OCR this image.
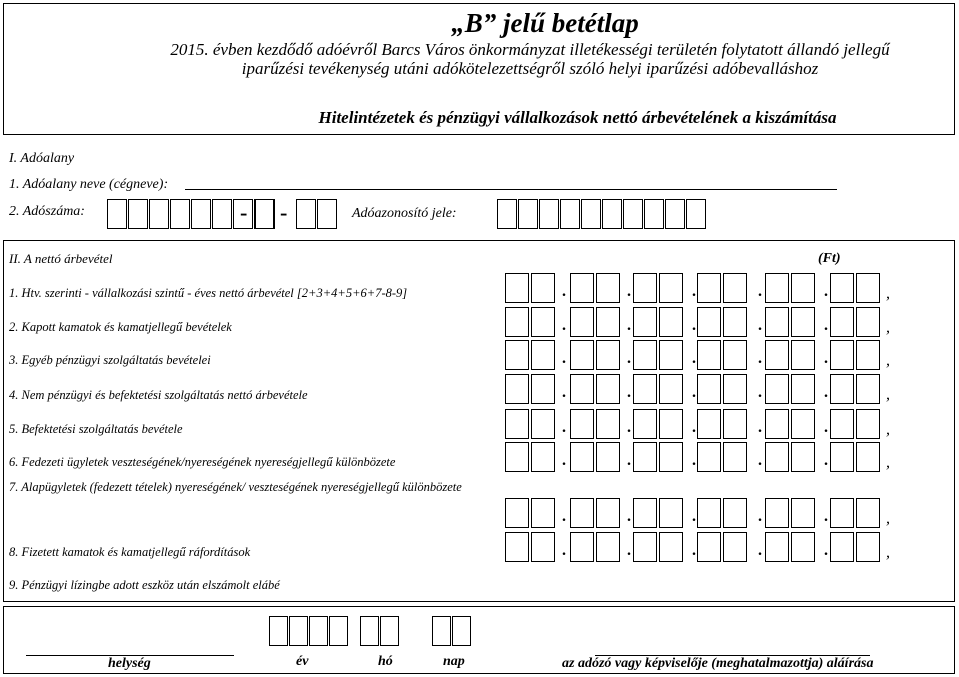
„B” jelű betétlap
2015. évben kezdődő adóévről Barcs Város önkormányzat illetékességi területén folytatott állandó jellegű iparűzési tevékenység utáni adókötelezettségről szóló helyi iparűzési adóbevalláshoz
Hitelintézetek és pénzügyi vállalkozások nettó árbevételének a kiszámítása
I. Adóalany
1. Adóalany neve (cégneve):
2. Adószáma:	- -	Adóazonosító jele:
II. A nettó árbevétel	(Ft)
1. Htv. szerinti - vállalkozási szintű - éves nettó árbevétel [2+3+4+5+6+7-8-9]	.	.	.	.	.	,
2. Kapott kamatok és kamatjellegű bevételek	.	.	.	.	.	,
3. Egyéb pénzügyi szolgáltatás bevételei	.	.	.	.	.	,
4. Nem pénzügyi és befektetési szolgáltatás nettó árbevétele	.	.	.	.	.	,
5. Befektetési szolgáltatás bevétele	.	.	.	.	.	,
6. Fedezeti ügyletek veszteségének/nyereségének nyereségjellegű különbözete	.	.	.	.	.	,
7. Alapügyletek (fedezett tételek) nyereségének/ veszteségének nyereségjellegű különbözete
.	.	.	.	.	,
8. Fizetett kamatok és kamatjellegű ráfordítások	.	.	.	.	.	,
9. Pénzügyi lízingbe adott eszköz után elszámolt elábé
helység	év	hó	nap	az adózó vagy képviselője (meghatalmazottja) aláírása
